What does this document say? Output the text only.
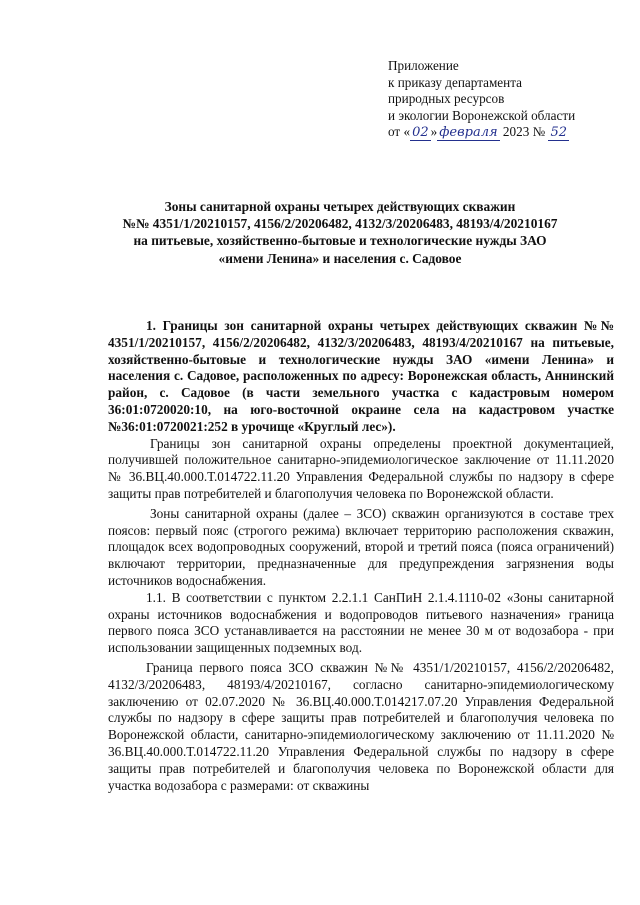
Приложение
к приказу департамента
природных ресурсов
и экологии Воронежской области
от « 02 » февраля 2023 № 52
Зоны санитарной охраны четырех действующих скважин
№№ 4351/1/20210157, 4156/2/20206482, 4132/3/20206483, 48193/4/20210167
на питьевые, хозяйственно-бытовые и технологические нужды ЗАО
«имени Ленина» и населения с. Садовое

1. Границы зон санитарной охраны четырех действующих скважин №№ 4351/1/20210157, 4156/2/20206482, 4132/3/20206483, 48193/4/20210167 на питьевые, хозяйственно-бытовые и технологические нужды ЗАО «имени Ленина» и населения с. Садовое, расположенных по адресу: Воронежская область, Аннинский район, с. Садовое (в части земельного участка с кадастровым номером 36:01:0720020:10, на юго-восточной окраине села на кадастровом участке №36:01:0720021:252 в урочище «Круглый лес»).

Границы зон санитарной охраны определены проектной документацией, получившей положительное санитарно-эпидемиологическое заключение от 11.11.2020 № 36.ВЦ.40.000.Т.014722.11.20 Управления Федеральной службы по надзору в сфере защиты прав потребителей и благополучия человека по Воронежской области.

Зоны санитарной охраны (далее – ЗСО) скважин организуются в составе трех поясов: первый пояс (строгого режима) включает территорию расположения скважин, площадок всех водопроводных сооружений, второй и третий пояса (пояса ограничений) включают территории, предназначенные для предупреждения загрязнения воды источников водоснабжения.

1.1. В соответствии с пунктом 2.2.1.1 СанПиН 2.1.4.1110-02 «Зоны санитарной охраны источников водоснабжения и водопроводов питьевого назначения» граница первого пояса ЗСО устанавливается на расстоянии не менее 30 м от водозабора - при использовании защищенных подземных вод.

Граница первого пояса ЗСО скважин №№ 4351/1/20210157, 4156/2/20206482, 4132/3/20206483, 48193/4/20210167, согласно санитарно-эпидемиологическому заключению от 02.07.2020 № 36.ВЦ.40.000.Т.014217.07.20 Управления Федеральной службы по надзору в сфере защиты прав потребителей и благополучия человека по Воронежской области, санитарно-эпидемиологическому заключению от 11.11.2020 № 36.ВЦ.40.000.Т.014722.11.20 Управления Федеральной службы по надзору в сфере защиты прав потребителей и благополучия человека по Воронежской области для участка водозабора с размерами: от скважины
